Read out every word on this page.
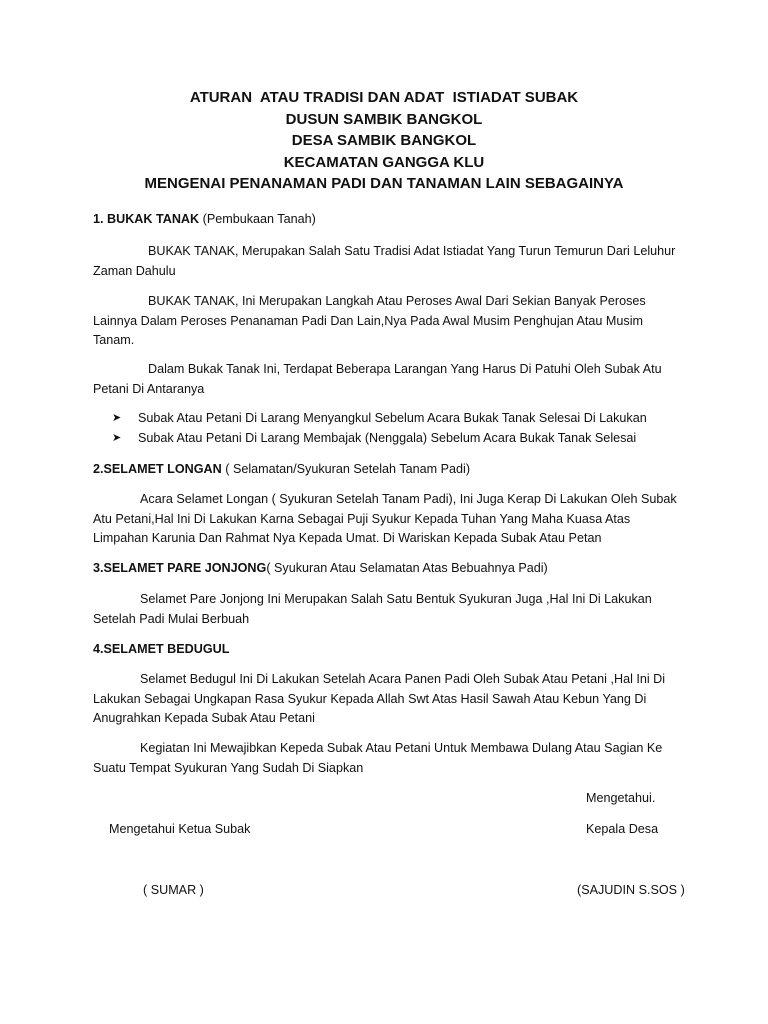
ATURAN  ATAU TRADISI DAN ADAT  ISTIADAT SUBAK
DUSUN SAMBIK BANGKOL
DESA SAMBIK BANGKOL
KECAMATAN GANGGA KLU
MENGENAI PENANAMAN PADI DAN TANAMAN LAIN SEBAGAINYA

1. BUKAK TANAK (Pembukaan Tanah)

BUKAK TANAK, Merupakan Salah Satu Tradisi Adat Istiadat Yang Turun Temurun Dari Leluhur Zaman Dahulu

BUKAK TANAK, Ini Merupakan Langkah Atau Peroses Awal Dari Sekian Banyak Peroses Lainnya Dalam Peroses Penanaman Padi Dan Lain,Nya Pada Awal Musim Penghujan Atau Musim Tanam.

Dalam Bukak Tanak Ini, Terdapat Beberapa Larangan Yang Harus Di Patuhi Oleh Subak Atu Petani Di Antaranya

➤ Subak Atau Petani Di Larang Menyangkul Sebelum Acara Bukak Tanak Selesai Di Lakukan
➤ Subak Atau Petani Di Larang Membajak (Nenggala) Sebelum Acara Bukak Tanak Selesai

2.SELAMET LONGAN ( Selamatan/Syukuran Setelah Tanam Padi)

Acara Selamet Longan ( Syukuran Setelah Tanam Padi), Ini Juga Kerap Di Lakukan Oleh Subak Atu Petani,Hal Ini Di Lakukan Karna Sebagai Puji Syukur Kepada Tuhan Yang Maha Kuasa Atas Limpahan Karunia Dan Rahmat Nya Kepada Umat. Di Wariskan Kepada Subak Atau Petan

3.SELAMET PARE JONJONG( Syukuran Atau Selamatan Atas Bebuahnya Padi)

Selamet Pare Jonjong Ini Merupakan Salah Satu Bentuk Syukuran Juga ,Hal Ini Di Lakukan Setelah Padi Mulai Berbuah

4.SELAMET BEDUGUL

Selamet Bedugul Ini Di Lakukan Setelah Acara Panen Padi Oleh Subak Atau Petani ,Hal Ini Di Lakukan Sebagai Ungkapan Rasa Syukur Kepada Allah Swt Atas Hasil Sawah Atau Kebun Yang Di Anugrahkan Kepada Subak Atau Petani

Kegiatan Ini Mewajibkan Kepeda Subak Atau Petani Untuk Membawa Dulang Atau Sagian Ke Suatu Tempat Syukuran Yang Sudah Di Siapkan

Mengetahui.
Mengetahui Ketua Subak	Kepala Desa
( SUMAR )	(SAJUDIN S.SOS )
